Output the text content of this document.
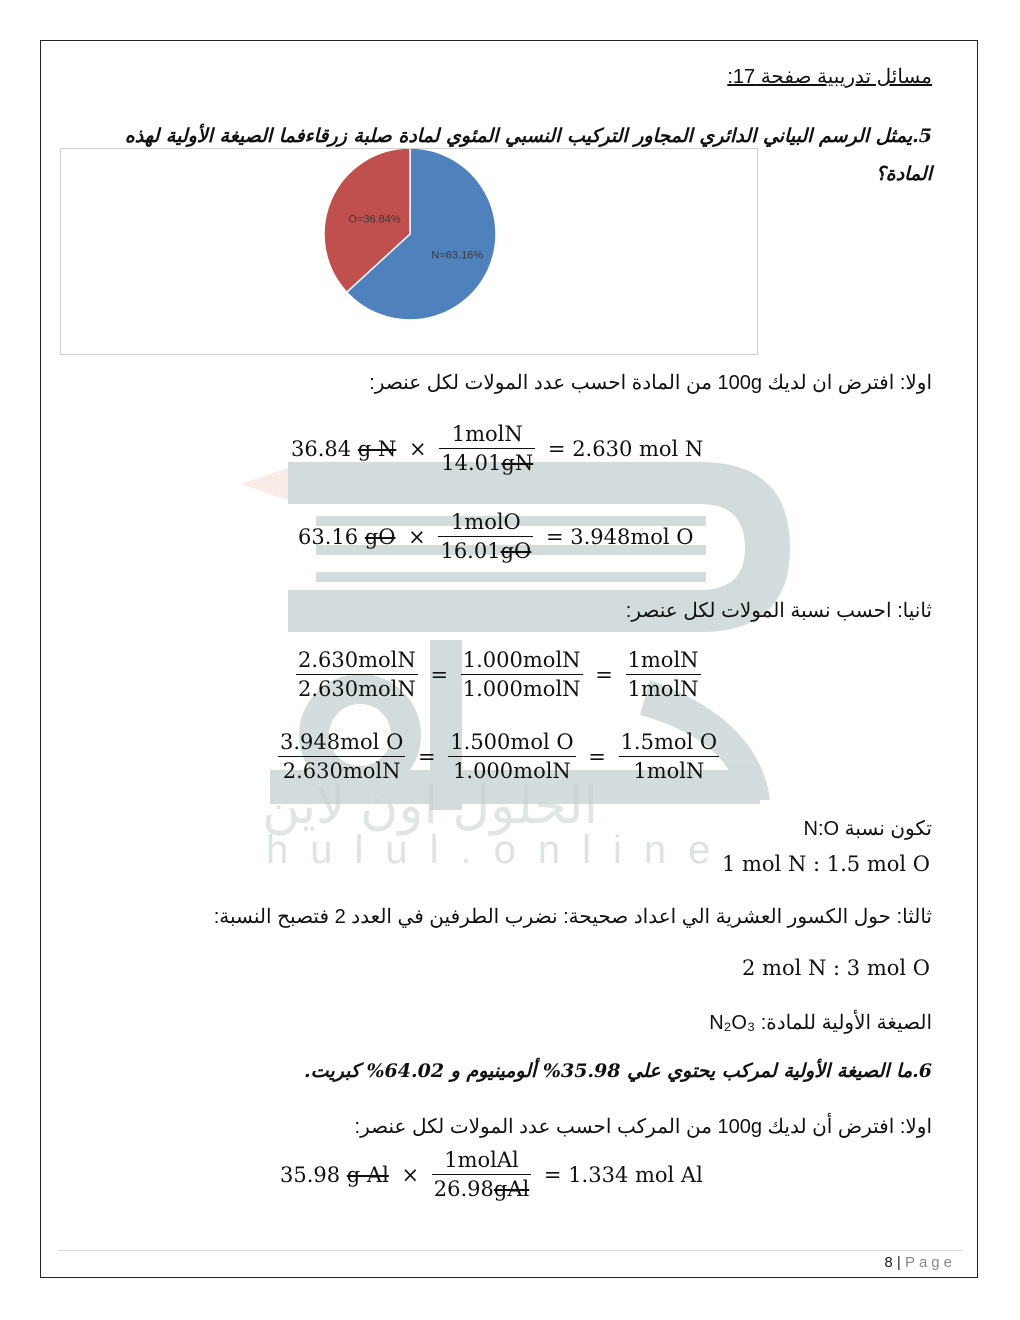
الحلول اون لاين
hulul.online
مسائل تدريبية صفحة 17:
5.يمثل الرسم البياني الدائري المجاور التركيب النسبي المئوي لمادة صلبة زرقاءفما الصيغة الأولية لهذه المادة؟
N=63.16%
O=36.84%
اولا: افترض ان لديك 100g من المادة احسب عدد المولات لكل عنصر:
36.84 g $N \times \frac{\text{1molN}}{14.01gN} = 2.630$ mol N
63.16 gO × $\frac{\text{1molO}}{16.01gO} = 3.948mol$ O
ثانيا: احسب نسبة المولات لكل عنصر:
$\frac{\text{2.630molN}}{\text{2.630molN}} = \frac{\text{1.000molN}}{\text{1.000molN}} = \frac{\text{1molN}}{\text{1molN}}$
$\frac{\text{3.948mol O}}{\text{2.630molN}} = \frac{\text{1.500mol O}}{\text{1.000molN}} = \frac{\text{1.5mol O}}{\text{1molN}}$
تكون نسبة N:O
1 mol N : 1.5 mol O
ثالثا: حول الكسور العشرية الي اعداد صحيحة: نضرب الطرفين في العدد 2 فتصبح النسبة:
2 mol N : 3 mol O
الصيغة الأولية للمادة: N₂O₃
6.ما الصيغة الأولية لمركب يحتوي علي 35.98% ألومينيوم و 64.02% كبريت.
اولا: افترض أن لديك 100g من المركب احسب عدد المولات لكل عنصر:
35.98 g $Al \times \frac{\text{1molAl}}{\text{26.98gAl}} = 1.334$ mol Al
8 | Page
